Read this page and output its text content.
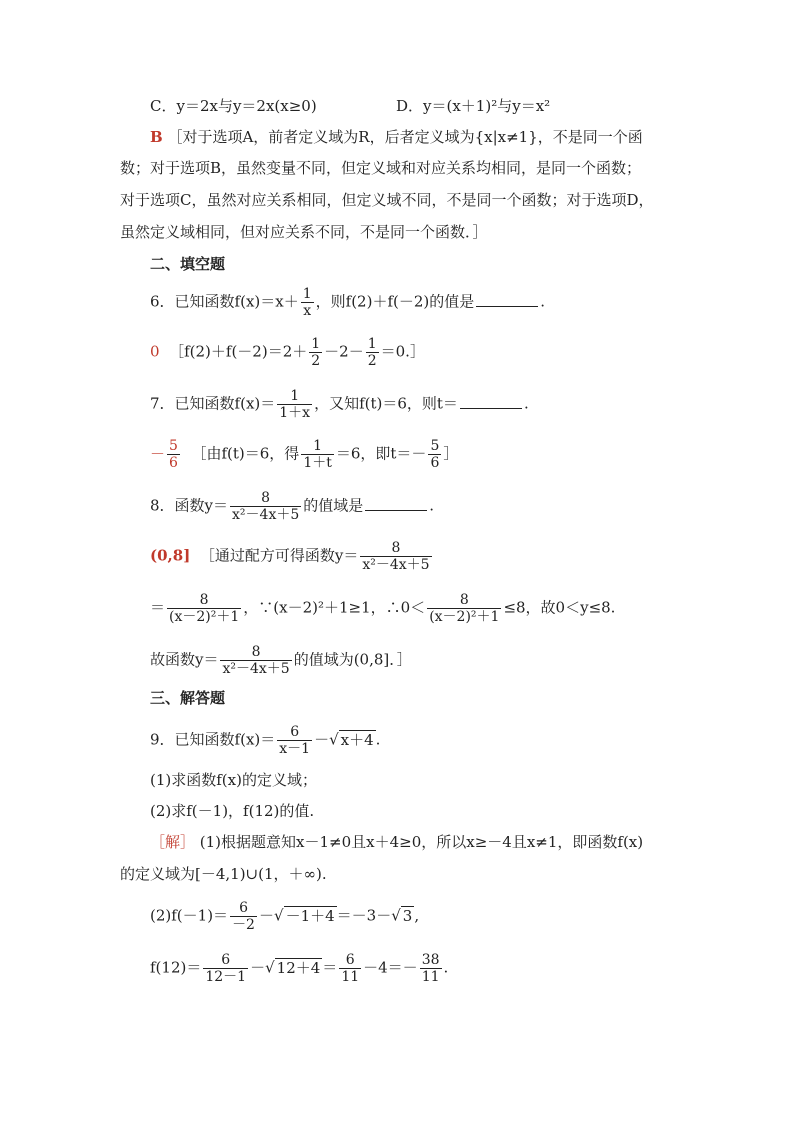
C．y＝2x与y＝2x(x≥0)	D．y＝(x＋1)²与y＝x²
B ［对于选项A，前者定义域为R，后者定义域为{x|x≠1}，不是同一个函
数；对于选项B，虽然变量不同，但定义域和对应关系均相同，是同一个函数；
对于选项C，虽然对应关系相同，但定义域不同，不是同一个函数；对于选项D，
虽然定义域相同，但对应关系不同，不是同一个函数．］
二、填空题
6．已知函数$f(x)=x+ \frac{1}{x}$ ，则f(2)＋f(－2)的值是	.
0 ［f(2)＋f(－2)＝2＋ $\frac{1}{2} -2- \frac{1}{2}$ ＝0.］
7．已知函数$f(x)= \frac{1}{1+x}$ ，又知f(t)＝6，则t＝	.
－ $\frac{5}{6}$ ［由f(t)＝6，得 $\frac{1}{1+t} =6$，即$t=- \frac{5}{6}$ ］
8．函数$y= \frac{8}{\text{x²－4x＋5}}$ 的值域是	.
(0,8] ［通过配方可得函数$y= \frac{8}{\text{x²－4x＋5}}$
＝ $\frac{8}{\text{(x－2)²＋1}}$ ，∵(x－2)²＋1≥1，∴0＜ $\frac{8}{\text{(x－2)²＋1}} \le 8$，故0＜y≤8.
故函数$y= \frac{8}{\text{x²－4x＋5}}$ 的值域为(0,8]．］
三、解答题
9．已知函数$f(x)= \frac{6}{x-1}$ －√ x＋4 .
(1)求函数f(x)的定义域；
(2)求f(－1)，f(12)的值.
［解］ (1)根据题意知x－1≠0且x＋4≥0，所以x≥－4且x≠1，即函数f(x)
的定义域为[－4,1)∪(1，＋∞).
$(2)f(-1)= \frac{6}{-2}$ －√ －1＋4 ＝－3－√ 3 ,
$f(12)= \frac{6}{12-1}$ －√ $12+4 = \frac{6}{11} -4=- \frac{38}{11}$ .
